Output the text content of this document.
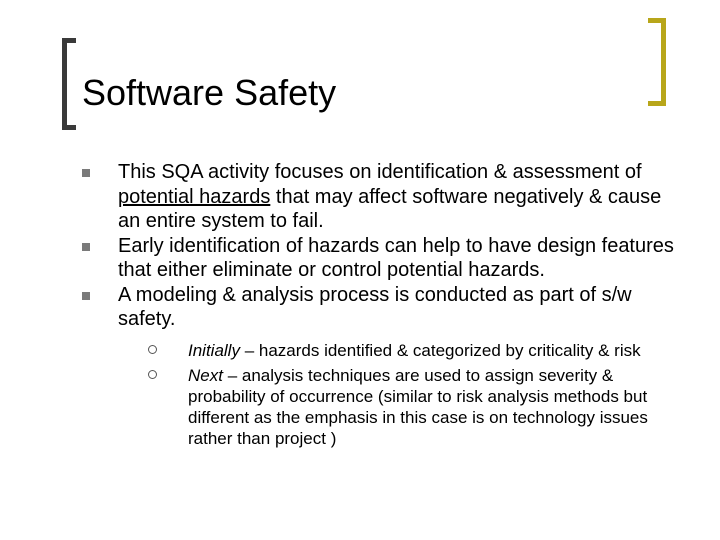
Software Safety
This SQA activity focuses on identification & assessment of potential hazards that may affect software negatively & cause an entire system to fail.
Early identification of hazards can help to have design features that either eliminate or control potential hazards.
A modeling & analysis process is conducted as part of s/w safety.
Initially – hazards identified & categorized by criticality & risk
Next – analysis techniques are used to assign severity & probability of occurrence (similar to risk analysis methods but different as the emphasis in this case is on technology issues rather than project )
